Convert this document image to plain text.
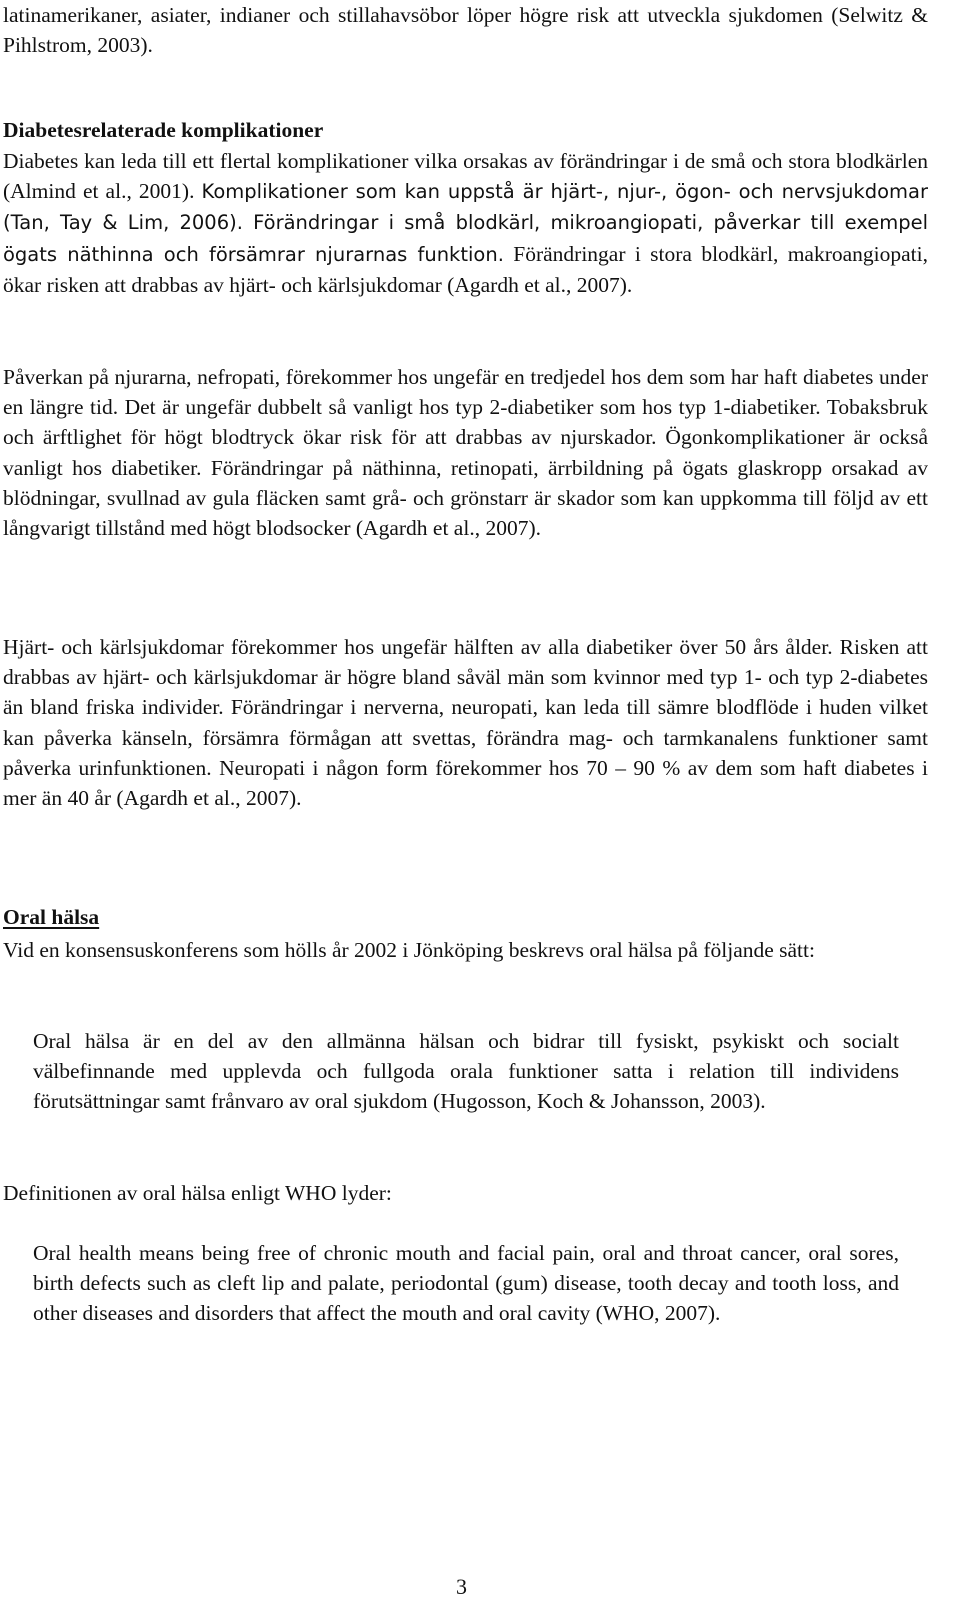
latinamerikaner, asiater, indianer och stillahavsöbor löper högre risk att utveckla sjukdomen (Selwitz & Pihlstrom, 2003).

Diabetesrelaterade komplikationer

Diabetes kan leda till ett flertal komplikationer vilka orsakas av förändringar i de små och stora blodkärlen (Almind et al., 2001). Komplikationer som kan uppstå är hjärt-, njur-, ögon- och nervsjukdomar (Tan, Tay & Lim, 2006). Förändringar i små blodkärl, mikroangiopati, påverkar till exempel ögats näthinna och försämrar njurarnas funktion. Förändringar i stora blodkärl, makroangiopati, ökar risken att drabbas av hjärt- och kärlsjukdomar (Agardh et al., 2007).

Påverkan på njurarna, nefropati, förekommer hos ungefär en tredjedel hos dem som har haft diabetes under en längre tid. Det är ungefär dubbelt så vanligt hos typ 2-diabetiker som hos typ 1-diabetiker. Tobaksbruk och ärftlighet för högt blodtryck ökar risk för att drabbas av njurskador. Ögonkomplikationer är också vanligt hos diabetiker. Förändringar på näthinna, retinopati, ärrbildning på ögats glaskropp orsakad av blödningar, svullnad av gula fläcken samt grå- och grönstarr är skador som kan uppkomma till följd av ett långvarigt tillstånd med högt blodsocker (Agardh et al., 2007).

Hjärt- och kärlsjukdomar förekommer hos ungefär hälften av alla diabetiker över 50 års ålder. Risken att drabbas av hjärt- och kärlsjukdomar är högre bland såväl män som kvinnor med typ 1- och typ 2-diabetes än bland friska individer. Förändringar i nerverna, neuropati, kan leda till sämre blodflöde i huden vilket kan påverka känseln, försämra förmågan att svettas, förändra mag- och tarmkanalens funktioner samt påverka urinfunktionen. Neuropati i någon form förekommer hos 70 – 90 % av dem som haft diabetes i mer än 40 år (Agardh et al., 2007).

Oral hälsa

Vid en konsensuskonferens som hölls år 2002 i Jönköping beskrevs oral hälsa på följande sätt:

Oral hälsa är en del av den allmänna hälsan och bidrar till fysiskt, psykiskt och socialt välbefinnande med upplevda och fullgoda orala funktioner satta i relation till individens förutsättningar samt frånvaro av oral sjukdom (Hugosson, Koch & Johansson, 2003).

Definitionen av oral hälsa enligt WHO lyder:

Oral health means being free of chronic mouth and facial pain, oral and throat cancer, oral sores, birth defects such as cleft lip and palate, periodontal (gum) disease, tooth decay and tooth loss, and other diseases and disorders that affect the mouth and oral cavity (WHO, 2007).

3
